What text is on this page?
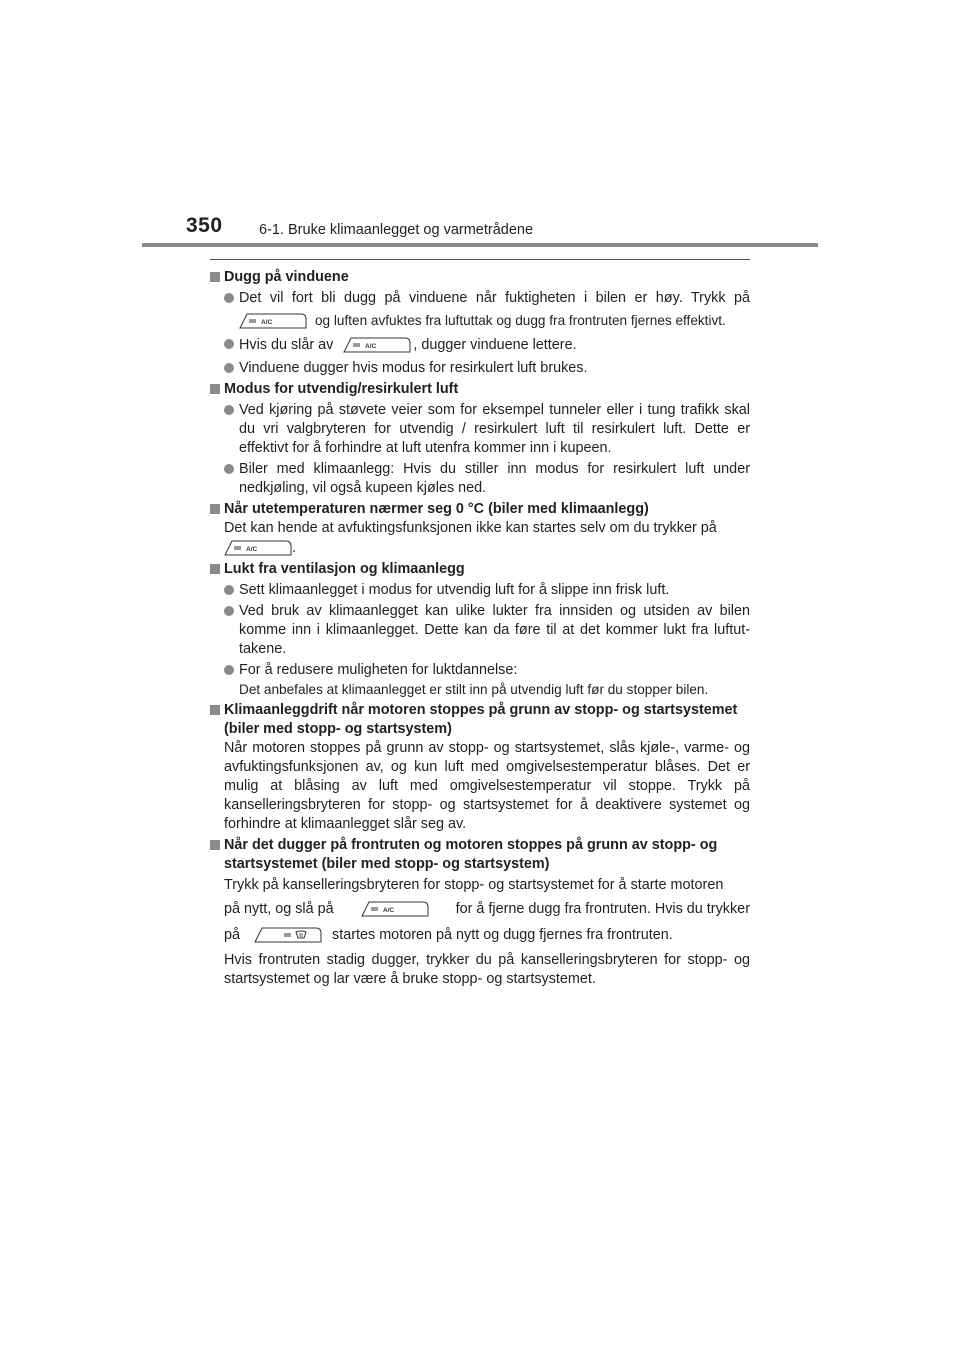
350	6-1. Bruke klimaanlegget og varmetrådene
Dugg på vinduene
Det vil fort bli dugg på vinduene når fuktigheten i bilen er høy. Trykk på
A/C	og luften avfuktes fra luftuttak og dugg fra frontruten fjernes effektivt.
Hvis du slår av	A/C	, dugger vinduene lettere.
Vinduene dugger hvis modus for resirkulert luft brukes.
Modus for utvendig/resirkulert luft
Ved kjøring på støvete veier som for eksempel tunneler eller i tung trafikk skal du vri valgbryteren for utvendig / resirkulert luft til resirkulert luft. Dette er effektivt for å forhindre at luft utenfra kommer inn i kupeen.
Biler med klimaanlegg: Hvis du stiller inn modus for resirkulert luft under nedkjøling, vil også kupeen kjøles ned.
Når utetemperaturen nærmer seg 0 °C (biler med klimaanlegg)
Det kan hende at avfuktingsfunksjonen ikke kan startes selv om du trykker på
A/C .
Lukt fra ventilasjon og klimaanlegg
Sett klimaanlegget i modus for utvendig luft for å slippe inn frisk luft.
Ved bruk av klimaanlegget kan ulike lukter fra innsiden og utsiden av bilen komme inn i klimaanlegget. Dette kan da føre til at det kommer lukt fra luftut-takene.
For å redusere muligheten for luktdannelse:
Det anbefales at klimaanlegget er stilt inn på utvendig luft før du stopper bilen.
Klimaanleggdrift når motoren stoppes på grunn av stopp- og startsystemet (biler med stopp- og startsystem)
Når motoren stoppes på grunn av stopp- og startsystemet, slås kjøle-, varme- og avfuktingsfunksjonen av, og kun luft med omgivelsestemperatur blåses. Det er mulig at blåsing av luft med omgivelsestemperatur vil stoppe. Trykk på kanselleringsbryteren for stopp- og startsystemet for å deaktivere systemet og forhindre at klimaanlegget slår seg av.
Når det dugger på frontruten og motoren stoppes på grunn av stopp- og startsystemet (biler med stopp- og startsystem)
Trykk på kanselleringsbryteren for stopp- og startsystemet for å starte motoren
på nytt, og slå på	A/C	for å fjerne dugg fra frontruten. Hvis du trykker
på	startes motoren på nytt og dugg fjernes fra frontruten.
Hvis frontruten stadig dugger, trykker du på kanselleringsbryteren for stopp- og startsystemet og lar være å bruke stopp- og startsystemet.
